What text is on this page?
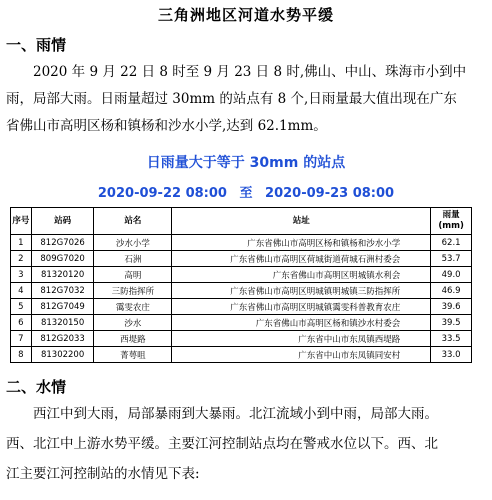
三角洲地区河道水势平缓
一、雨情
2020 年 9 月 22 日 8 时至 9 月 23 日 8 时,佛山、中山、珠海市小到中
雨，局部大雨。日雨量超过 30mm 的站点有 8 个,日雨量最大值出现在广东
省佛山市高明区杨和镇杨和沙水小学,达到 62.1mm。
日雨量大于等于 30mm 的站点
2020-09-22 08:00 至 2020-09-23 08:00
序号	站码	站名	站址	雨量(mm)
1	812G7026	沙水小学	广东省佛山市高明区杨和镇杨和沙水小学	62.1
2	809G7020	石洲	广东省佛山市高明区荷城街道荷城石洲村委会	53.7
3	81320120	高明	广东省佛山市高明区明城镇水利会	49.0
4	812G7032	三防指挥所	广东省佛山市高明区明城镇明城镇三防指挥所	46.9
5	812G7049	霭雯农庄	广东省佛山市高明区明城镇霭雯科普教育农庄	39.6
6	81320150	沙水	广东省佛山市高明区杨和镇沙水村委会	39.5
7	812G2033	西堤路	广东省中山市东凤镇西堤路	33.5
8	81302200	菁萼咀	广东省中山市东凤镇同安村	33.0
二、水情
西江中到大雨，局部暴雨到大暴雨。北江流域小到中雨，局部大雨。
西、北江中上游水势平缓。主要江河控制站点均在警戒水位以下。西、北
江主要江河控制站的水情见下表:
